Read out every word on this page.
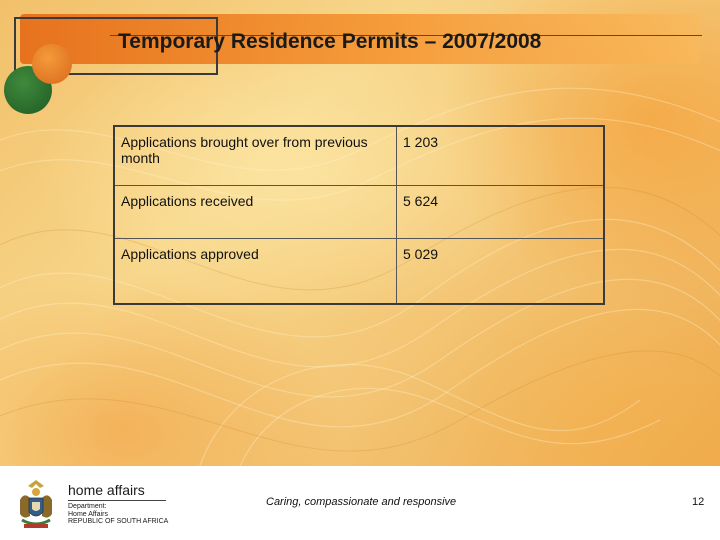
Temporary Residence Permits – 2007/2008
Applications brought over from previous month	1 203
Applications received	5 624
Applications approved	5 029
home affairs
Department:
Home Affairs
REPUBLIC OF SOUTH AFRICA
Caring, compassionate and responsive	12
